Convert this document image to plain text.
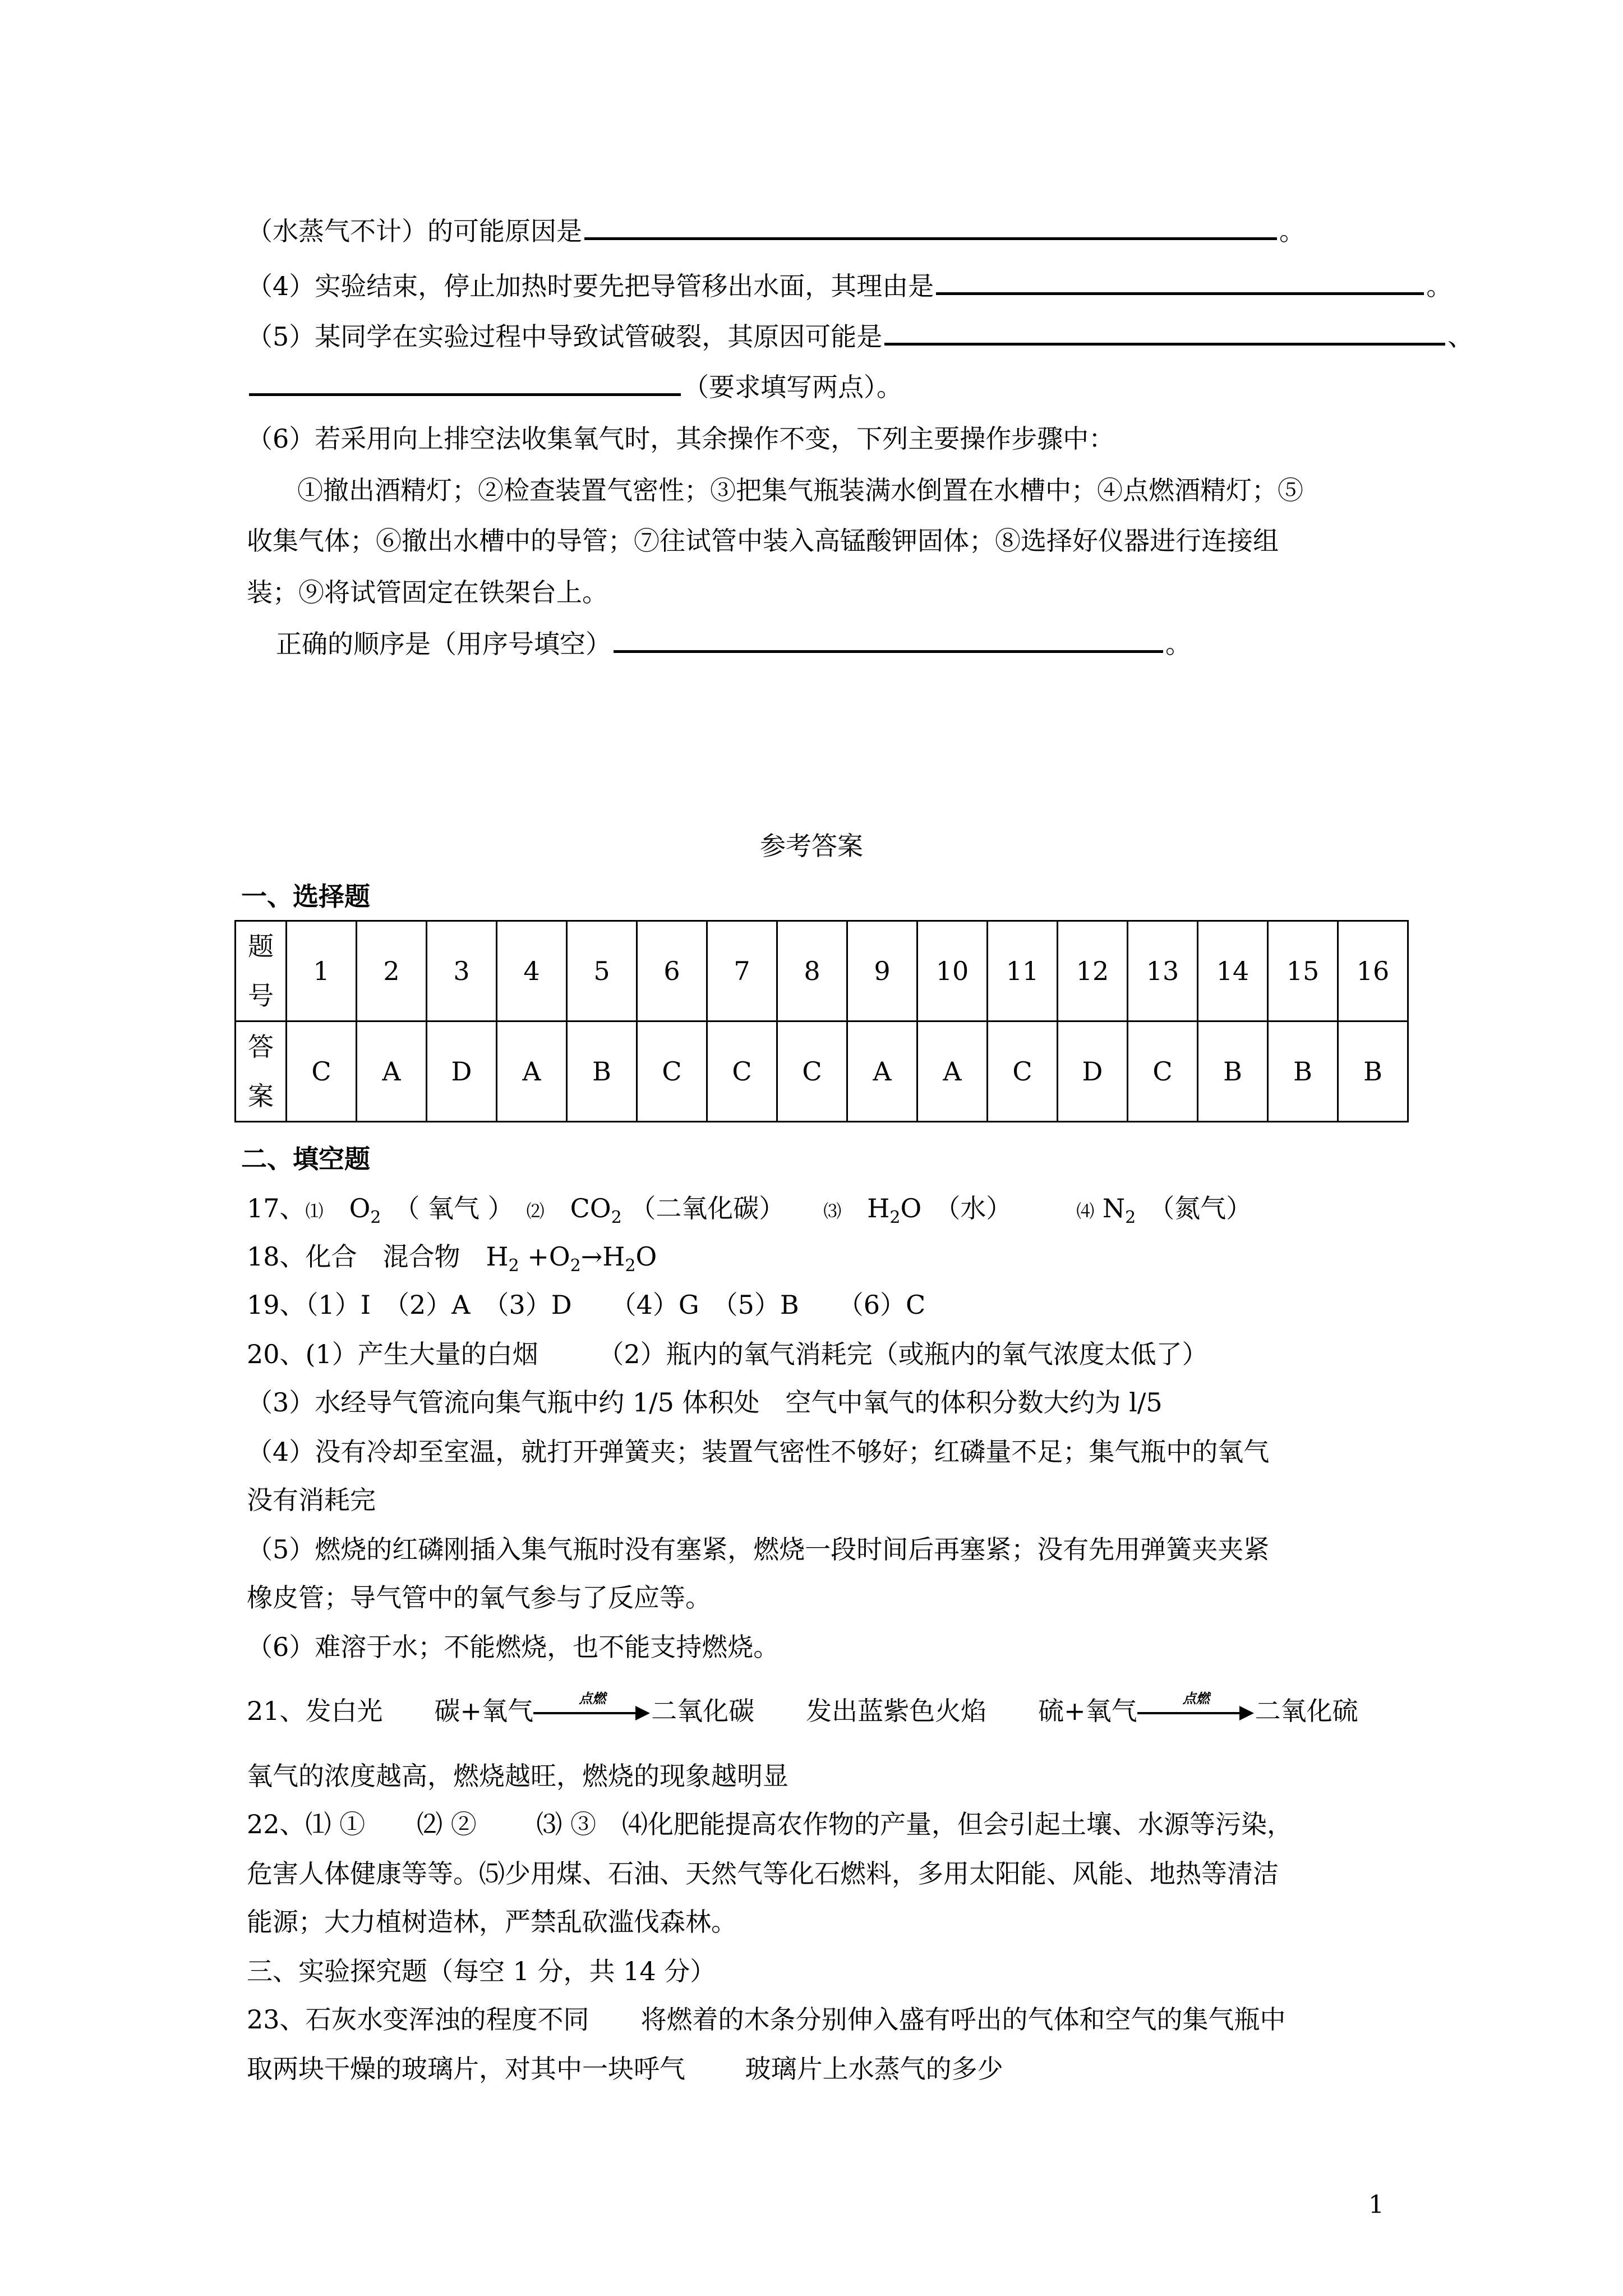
（水蒸气不计）的可能原因是	。
（4）实验结束，停止加热时要先把导管移出水面，其理由是	。
（5）某同学在实验过程中导致试管破裂，其原因可能是	、
（要求填写两点）。
（6）若采用向上排空法收集氧气时，其余操作不变，下列主要操作步骤中：
①撤出酒精灯；②检查装置气密性；③把集气瓶装满水倒置在水槽中；④点燃酒精灯；⑤
收集气体；⑥撤出水槽中的导管；⑦往试管中装入高锰酸钾固体；⑧选择好仪器进行连接组
装；⑨将试管固定在铁架台上。
正确的顺序是（用序号填空）	。
参考答案
一、选择题
题
号	1	2	3	4	5	6	7	8	9	10	11	12	13	14	15	16
答
案	C	A	D	A	B	C	C	C	A	A	C	D	C	B	B	B
二、填空题
17、⑴　 $O_2$　 （ 氧气 ）　 ⑵　 $CO_2$ （二氧化碳）　　	⑶　 $H_2O$　 （水）　　　	⑷ $N_2$　 （氮气）
18、化合　混合物　$H_2 +O_2\to H_2O$
19、（1）I　（2）A　（3）D　　（4）G　（5）B　　（6）C
20、(1）产生大量的白烟　　 （2）瓶内的氧气消耗完（或瓶内的氧气浓度太低了）
（3）水经导气管流向集气瓶中约 1/5 体积处　空气中氧气的体积分数大约为 l/5
（4）没有冷却至室温，就打开弹簧夹；装置气密性不够好；红磷量不足；集气瓶中的氧气
没有消耗完
（5）燃烧的红磷刚插入集气瓶时没有塞紧，燃烧一段时间后再塞紧；没有先用弹簧夹夹紧
橡皮管；导气管中的氧气参与了反应等。
（6）难溶于水；不能燃烧，也不能支持燃烧。
21、发白光　　碳+氧气	点燃	二氧化碳　　发出蓝紫色火焰　　硫+氧气	点燃	二氧化硫
氧气的浓度越高，燃烧越旺，燃烧的现象越明显
22、⑴ ①　　⑵ ②　　 ⑶ ③　⑷化肥能提高农作物的产量，但会引起土壤、水源等污染，
危害人体健康等等。⑸少用煤、石油、天然气等化石燃料，多用太阳能、风能、地热等清洁
能源；大力植树造林，严禁乱砍滥伐森林。
三、实验探究题（每空 1 分，共 14 分）
23、石灰水变浑浊的程度不同　　将燃着的木条分别伸入盛有呼出的气体和空气的集气瓶中
取两块干燥的玻璃片，对其中一块呼气　　 玻璃片上水蒸气的多少
1
